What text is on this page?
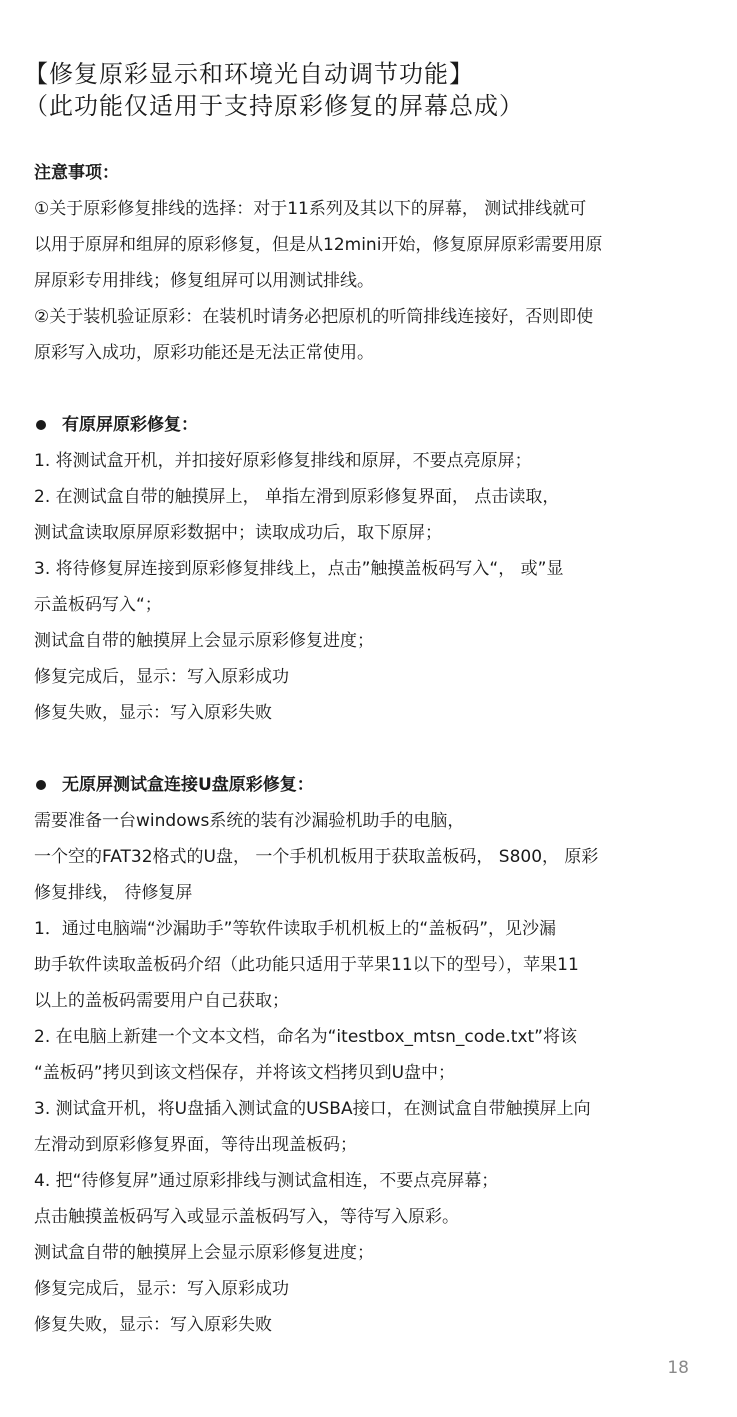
【修复原彩显示和环境光自动调节功能】
（此功能仅适用于支持原彩修复的屏幕总成）
注意事项：
①关于原彩修复排线的选择：对于11系列及其以下的屏幕， 测试排线就可
以用于原屏和组屏的原彩修复，但是从12mini开始，修复原屏原彩需要用原
屏原彩专用排线；修复组屏可以用测试排线。
②关于装机验证原彩：在装机时请务必把原机的听筒排线连接好，否则即使
原彩写入成功，原彩功能还是无法正常使用。
有原屏原彩修复：
1. 将测试盒开机，并扣接好原彩修复排线和原屏，不要点亮原屏；
2. 在测试盒自带的触摸屏上， 单指左滑到原彩修复界面， 点击读取，
测试盒读取原屏原彩数据中；读取成功后，取下原屏；
3. 将待修复屏连接到原彩修复排线上，点击”触摸盖板码写入“， 或”显
示盖板码写入“；
测试盒自带的触摸屏上会显示原彩修复进度；
修复完成后，显示：写入原彩成功
修复失败，显示：写入原彩失败
无原屏测试盒连接U盘原彩修复：
需要准备一台windows系统的装有沙漏验机助手的电脑，
一个空的FAT32格式的U盘， 一个手机机板用于获取盖板码， S800， 原彩
修复排线， 待修复屏
1．通过电脑端“沙漏助手”等软件读取手机机板上的“盖板码”，见沙漏
助手软件读取盖板码介绍（此功能只适用于苹果11以下的型号），苹果11
以上的盖板码需要用户自己获取；
2. 在电脑上新建一个文本文档，命名为“itestbox_mtsn_code.txt”将该
“盖板码”拷贝到该文档保存，并将该文档拷贝到U盘中；
3. 测试盒开机，将U盘插入测试盒的USBA接口，在测试盒自带触摸屏上向
左滑动到原彩修复界面，等待出现盖板码；
4. 把“待修复屏”通过原彩排线与测试盒相连，不要点亮屏幕；
点击触摸盖板码写入或显示盖板码写入，等待写入原彩。
测试盒自带的触摸屏上会显示原彩修复进度；
修复完成后，显示：写入原彩成功
修复失败，显示：写入原彩失败
18
